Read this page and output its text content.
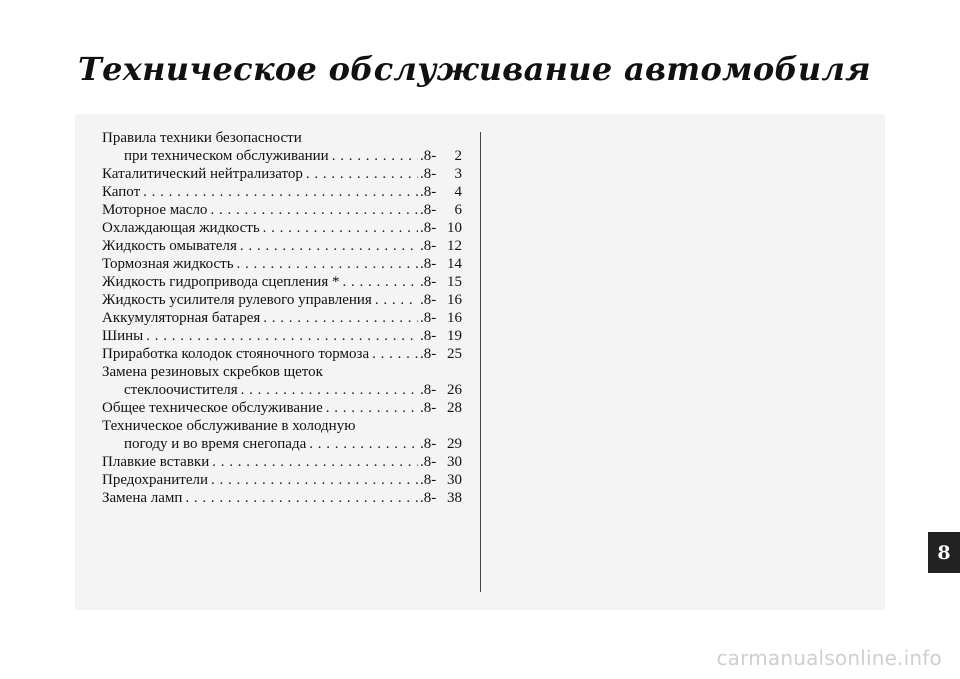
Техническое обслуживание автомобиля
Правила техники безопасности
при техническом обслуживании . . .	.8-	2
Каталитический нейтрализатор . . .	.8-	3
Капот . . .	.8-	4
Моторное масло . . .	.8-	6
Охлаждающая жидкость . . .	.8- 10
Жидкость омывателя . . .	.8- 12
Тормозная жидкость . . .	.8- 14
Жидкость гидропривода сцепления * . . .	.8- 15
Жидкость усилителя рулевого управления . . .	.8- 16
Аккумуляторная батарея . . .	.8- 16
Шины . . .	.8- 19
Приработка колодок стояночного тормоза . . .	.8- 25
Замена резиновых скребков щеток
стеклоочистителя . . .	.8- 26
Общее техническое обслуживание . . .	.8- 28
Техническое обслуживание в холодную
погоду и во время снегопада . . .	.8- 29
Плавкие вставки . . .	.8- 30
Предохранители . . .	.8- 30
Замена ламп . . .	.8- 38
8
carmanualsonline.info
